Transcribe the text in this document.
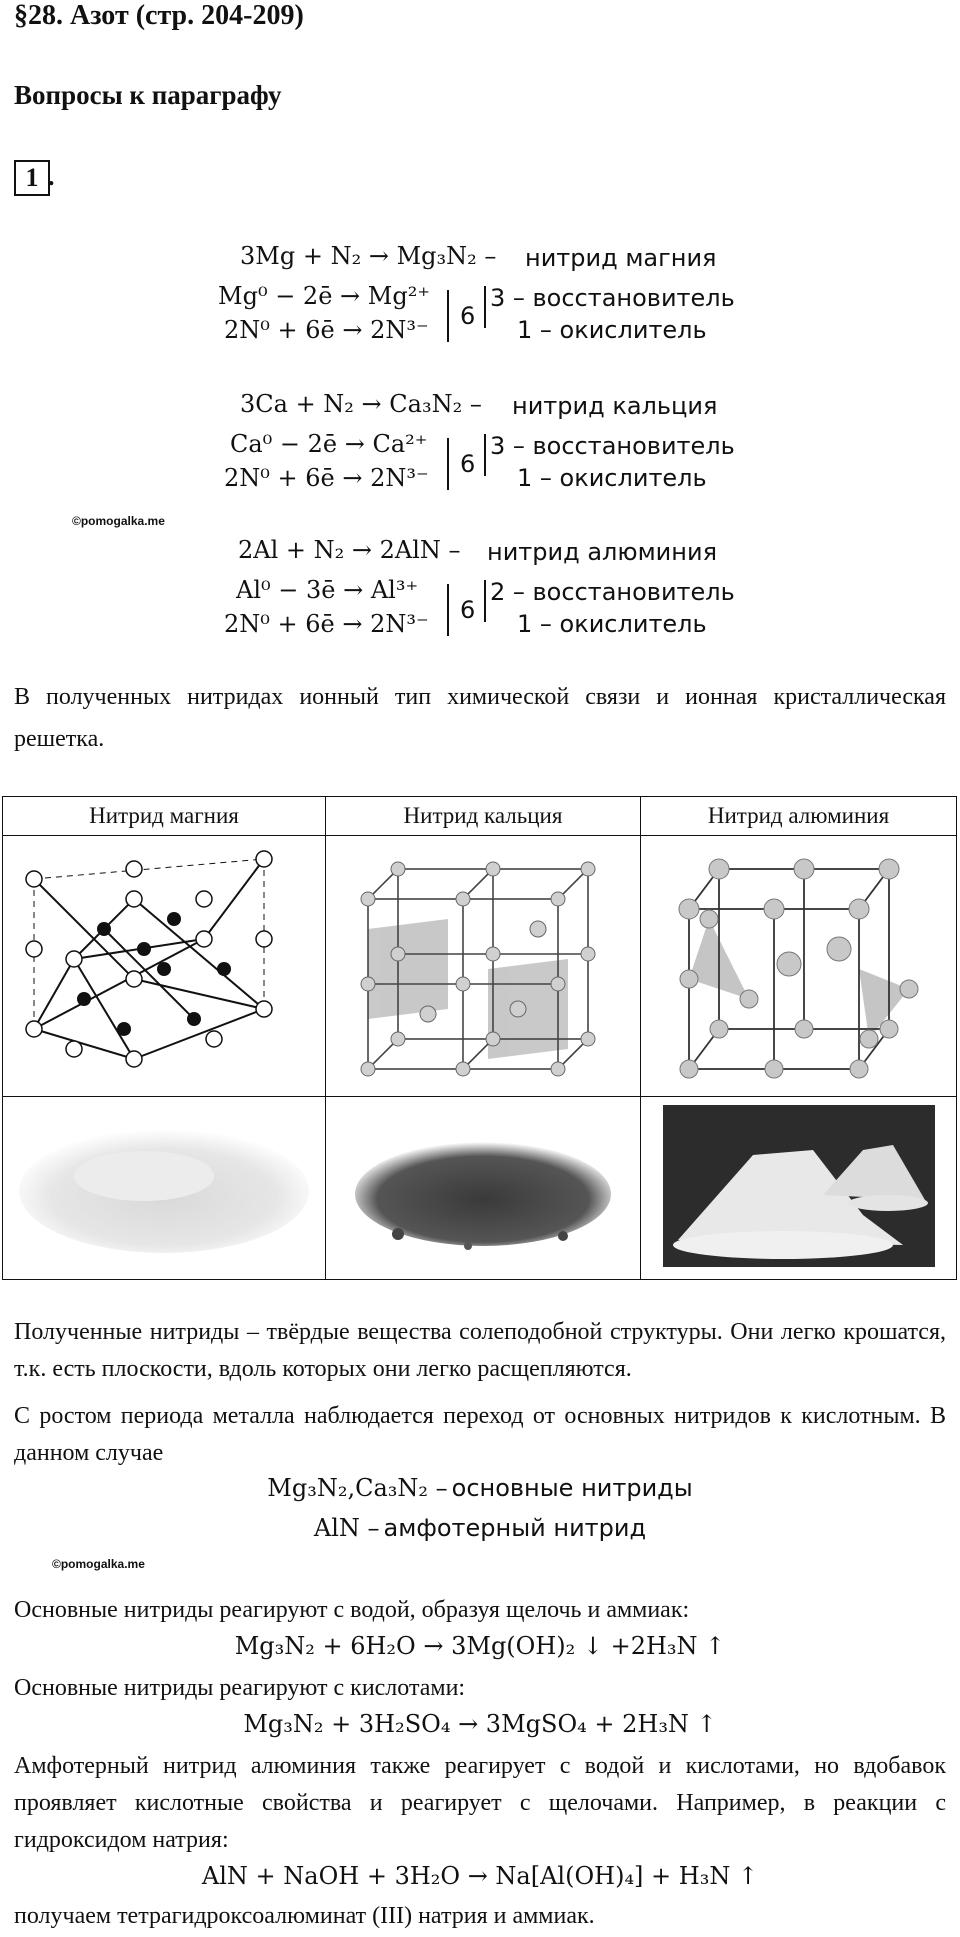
§28. Азот (стр. 204-209)
Вопросы к параграфу
1 .
3Mg + N₂ → Mg₃N₂ – нитрид магния
Mg⁰ − 2ē → Mg²⁺
2N⁰ + 6ē → 2N³⁻ 6
3 – восстановитель
1 – окислитель
3Ca + N₂ → Ca₃N₂ – нитрид кальция
Ca⁰ − 2ē → Ca²⁺
2N⁰ + 6ē → 2N³⁻ 6
3 – восстановитель
1 – окислитель
©pomogalka.me
2Al + N₂ → 2AlN – нитрид алюминия
Al⁰ − 3ē → Al³⁺
2N⁰ + 6ē → 2N³⁻ 6
2 – восстановитель
1 – окислитель
В полученных нитридах ионный тип химической связи и ионная кристаллическая решетка.
Нитрид магния	Нитрид кальция	Нитрид алюминия

Полученные нитриды – твёрдые вещества солеподобной структуры. Они легко крошатся, т.к. есть плоскости, вдоль которых они легко расщепляются.
С ростом периода металла наблюдается переход от основных нитридов к кислотным. В данном случае
Mg₃N₂,Ca₃N₂ – основные нитриды
AlN – амфотерный нитрид
©pomogalka.me
Основные нитриды реагируют с водой, образуя щелочь и аммиак:
Mg₃N₂ + 6H₂O → 3Mg(OH)₂ ↓ +2H₃N ↑
Основные нитриды реагируют с кислотами:
Mg₃N₂ + 3H₂SO₄ → 3MgSO₄ + 2H₃N ↑
Амфотерный нитрид алюминия также реагирует с водой и кислотами, но вдобавок проявляет кислотные свойства и реагирует с щелочами. Например, в реакции с гидроксидом натрия:
AlN + NaOH + 3H₂O → Na[Al(OH)₄] + H₃N ↑
получаем тетрагидроксоалюминат (III) натрия и аммиак.
